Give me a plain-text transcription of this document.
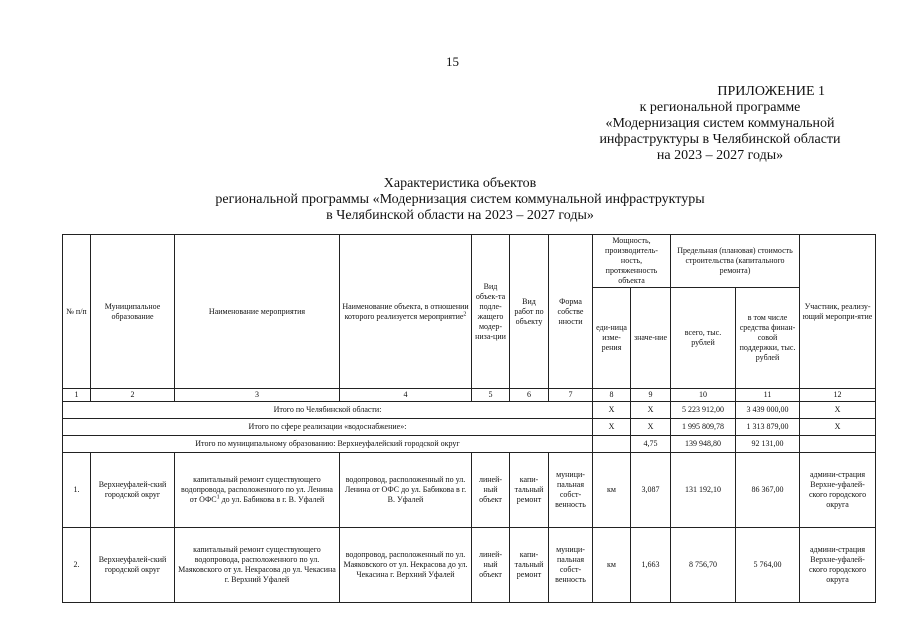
15
ПРИЛОЖЕНИЕ 1
к региональной программе
«Модернизация систем коммунальной
инфраструктуры в Челябинской области
на 2023 – 2027 годы»
Характеристика объектов
региональной программы «Модернизация систем коммунальной инфраструктуры
в Челябинской области на 2023 – 2027 годы»
№ п/п	Муниципальное образование	Наименование мероприятия	Наименование объекта, в отношении которого реализуется мероприятие$^2$	Вид объек-та подле-жащего модер-низа-ции	Вид работ по объекту	Форма собстве нности	Мощность, производитель-ность, протяженность объекта		Предельная (плановая) стоимость строительства (капитального ремонта)		Участник, реализу-ющий меропри-ятие
							еди-ница изме-рения	значе-ние	всего, тыс. рублей	в том числе средства финан-совой поддержки, тыс. рублей	
1	2	3	4	5	6	7	8	9	10	11	12
Итого по Челябинской области:							Х	Х	5 223 912,00	3 439 000,00	Х
Итого по сфере реализации «водоснабжение»:							Х	Х	1 995 809,78	1 313 879,00	Х
Итого по муниципальному образованию: Верхнеуфалейский городской округ								4,75	139 948,80	92 131,00	
1.	Верхнеуфалей-ский городской округ	капитальный ремонт существующего водопровода, расположенного по ул. Ленина от ОФС$^1$ до ул. Бабикова в г. В. Уфалей	водопровод, расположенный по ул. Ленина от ОФС до ул. Бабикова в г. В. Уфалей	линей-ный объект	капи-тальный ремонт	муници-пальная собст-венность	км	3,087	131 192,10	86 367,00	админи-страция Верхне-уфалей-ского городского округа
2.	Верхнеуфалей-ский городской округ	капитальный ремонт существующего водопровода, расположенного по ул. Маяковского от ул. Некрасова до ул. Чекасина г. Верхний Уфалей	водопровод, расположенный по ул. Маяковского от ул. Некрасова до ул. Чекасина г. Верхний Уфалей	линей-ный объект	капи-тальный ремонт	муници-пальная собст-венность	км	1,663	8 756,70	5 764,00	админи-страция Верхне-уфалей-ского городского округа
